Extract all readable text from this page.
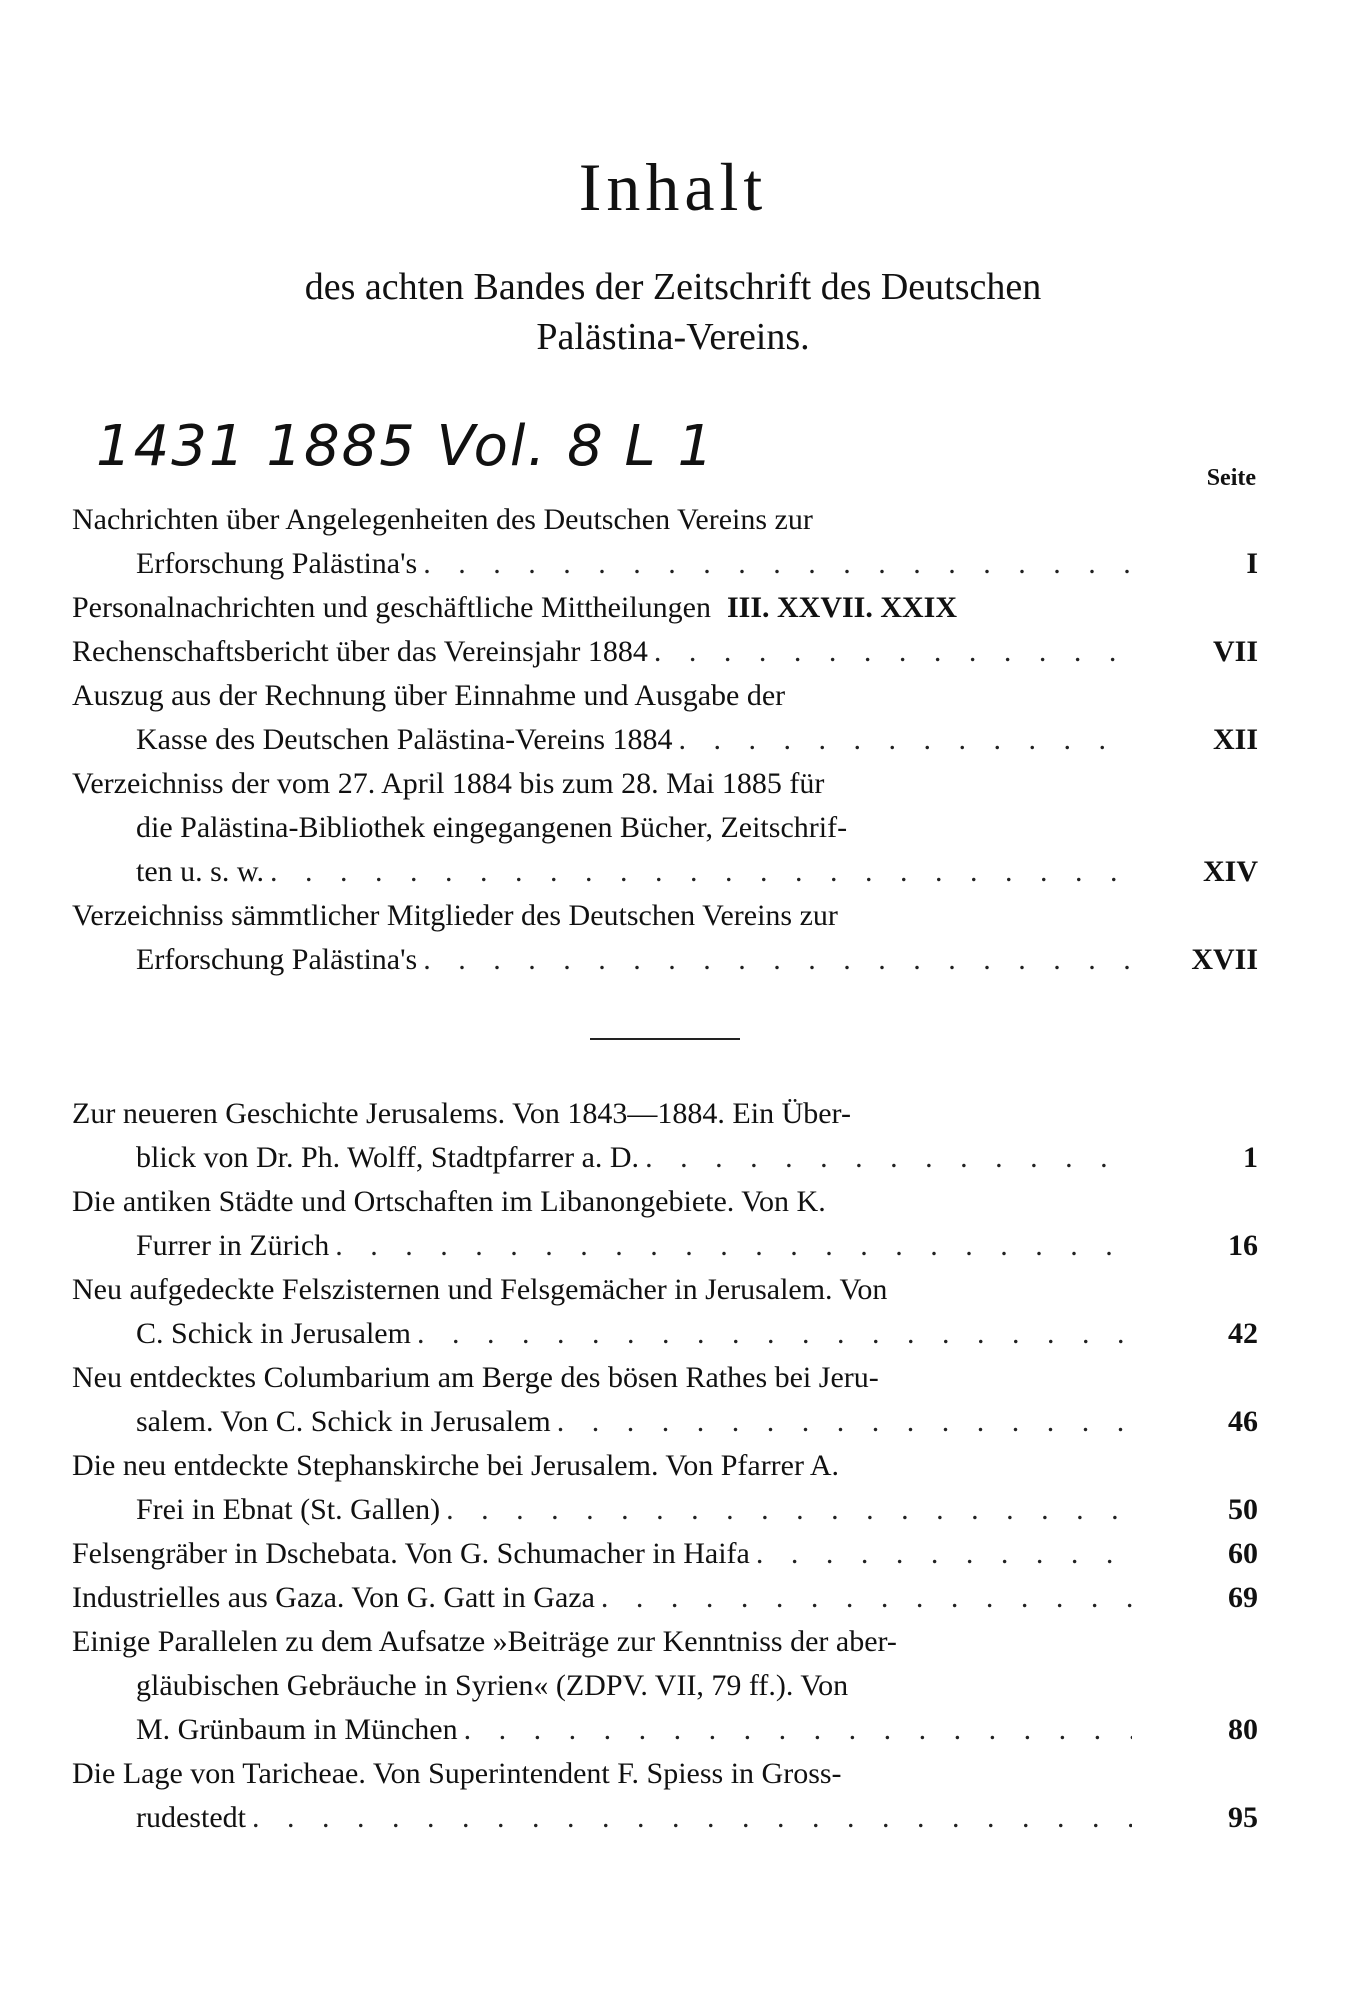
Inhalt
des achten Bandes der Zeitschrift des Deutschen
Palästina-Vereins.
1431 1885 Vol. 8 L 1	Seite
Nachrichten über Angelegenheiten des Deutschen Vereins zur
Erforschung Palästina's . . .	I
Personalnachrichten und geschäftliche Mittheilungen III. XXVII. XXIX
Rechenschaftsbericht über das Vereinsjahr 1884 . . .	VII
Auszug aus der Rechnung über Einnahme und Ausgabe der
Kasse des Deutschen Palästina-Vereins 1884 . . .	XII
Verzeichniss der vom 27. April 1884 bis zum 28. Mai 1885 für
die Palästina-Bibliothek eingegangenen Bücher, Zeitschrif-
ten u. s. w. . . .	XIV
Verzeichniss sämmtlicher Mitglieder des Deutschen Vereins zur
Erforschung Palästina's . . .	XVII
Zur neueren Geschichte Jerusalems. Von 1843—1884. Ein Über-
blick von Dr. Ph. Wolff, Stadtpfarrer a. D. . . .	1
Die antiken Städte und Ortschaften im Libanongebiete. Von K.
Furrer in Zürich . . .	16
Neu aufgedeckte Felszisternen und Felsgemächer in Jerusalem. Von
C. Schick in Jerusalem . . .	42
Neu entdecktes Columbarium am Berge des bösen Rathes bei Jeru-
salem. Von C. Schick in Jerusalem . . .	46
Die neu entdeckte Stephanskirche bei Jerusalem. Von Pfarrer A.
Frei in Ebnat (St. Gallen) . . .	50
Felsengräber in Dschebata. Von G. Schumacher in Haifa . . .	60
Industrielles aus Gaza. Von G. Gatt in Gaza . . .	69
Einige Parallelen zu dem Aufsatze »Beiträge zur Kenntniss der aber-
gläubischen Gebräuche in Syrien« (ZDPV. VII, 79 ff.). Von
M. Grünbaum in München . . .	80
Die Lage von Taricheae. Von Superintendent F. Spiess in Gross-
rudestedt . . .	95
